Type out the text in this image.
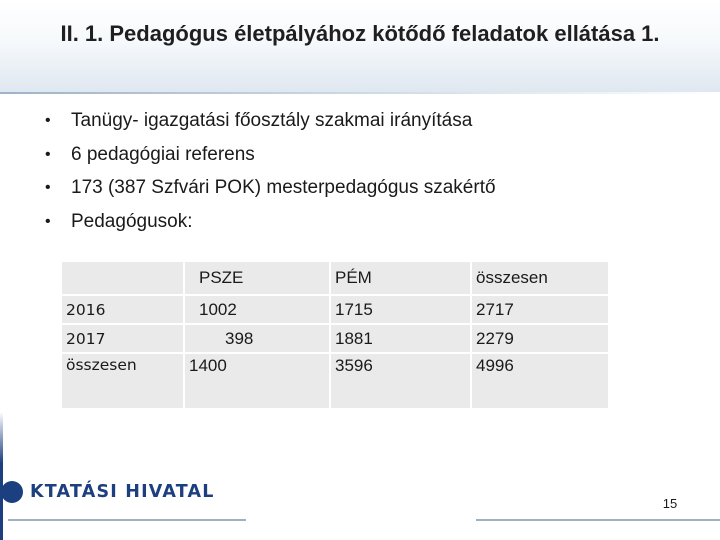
II. 1. Pedagógus életpályához kötődő feladatok ellátása 1.
• Tanügy- igazgatási főosztály szakmai irányítása
• 6 pedagógiai referens
• 173 (387 Szfvári POK) mesterpedagógus szakértő
• Pedagógusok:
	PSZE	PÉM	összesen
2016	1002	1715	2717
2017	398	1881	2279
összesen	1400	3596	4996
KTATÁSI HIVATAL
15
